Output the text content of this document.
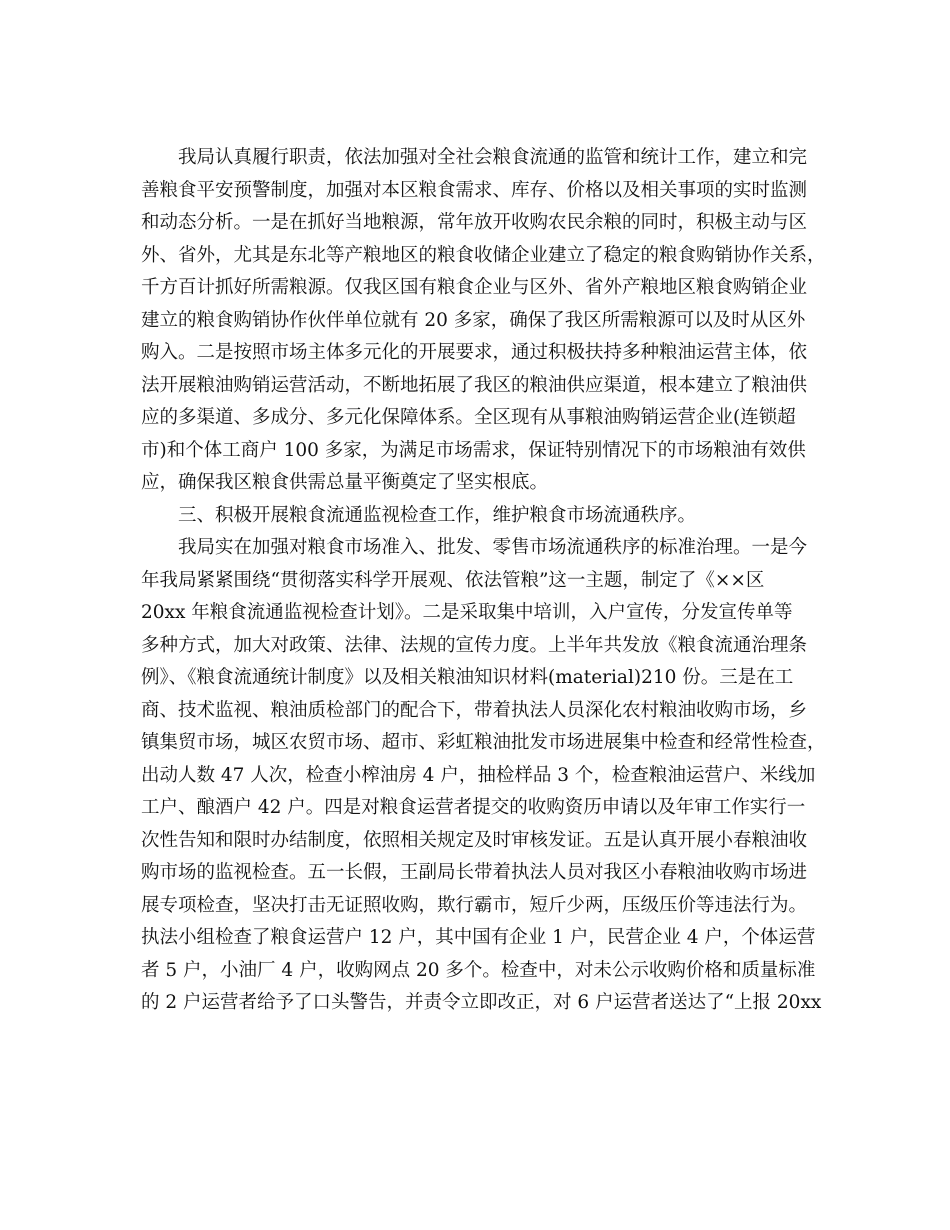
我局认真履行职责，依法加强对全社会粮食流通的监管和统计工作，建立和完
善粮食平安预警制度，加强对本区粮食需求、库存、价格以及相关事项的实时监测
和动态分析。一是在抓好当地粮源，常年放开收购农民余粮的同时，积极主动与区
外、省外，尤其是东北等产粮地区的粮食收储企业建立了稳定的粮食购销协作关系，
千方百计抓好所需粮源。仅我区国有粮食企业与区外、省外产粮地区粮食购销企业
建立的粮食购销协作伙伴单位就有 20 多家，确保了我区所需粮源可以及时从区外
购入。二是按照市场主体多元化的开展要求，通过积极扶持多种粮油运营主体，依
法开展粮油购销运营活动，不断地拓展了我区的粮油供应渠道，根本建立了粮油供
应的多渠道、多成分、多元化保障体系。全区现有从事粮油购销运营企业(连锁超
市)和个体工商户 100 多家，为满足市场需求，保证特别情况下的市场粮油有效供
应，确保我区粮食供需总量平衡奠定了坚实根底。
三、积极开展粮食流通监视检查工作，维护粮食市场流通秩序。
我局实在加强对粮食市场准入、批发、零售市场流通秩序的标准治理。一是今
年我局紧紧围绕“贯彻落实科学开展观、依法管粮”这一主题，制定了《××区
20xx 年粮食流通监视检查计划》。二是采取集中培训，入户宣传，分发宣传单等
多种方式，加大对政策、法律、法规的宣传力度。上半年共发放《粮食流通治理条
例》、《粮食流通统计制度》以及相关粮油知识材料(material)210 份。三是在工
商、技术监视、粮油质检部门的配合下，带着执法人员深化农村粮油收购市场，乡
镇集贸市场，城区农贸市场、超市、彩虹粮油批发市场进展集中检查和经常性检查，
出动人数 47 人次，检查小榨油房 4 户，抽检样品 3 个，检查粮油运营户、米线加
工户、酿酒户 42 户。四是对粮食运营者提交的收购资历申请以及年审工作实行一
次性告知和限时办结制度，依照相关规定及时审核发证。五是认真开展小春粮油收
购市场的监视检查。五一长假，王副局长带着执法人员对我区小春粮油收购市场进
展专项检查，坚决打击无证照收购，欺行霸市，短斤少两，压级压价等违法行为。
执法小组检查了粮食运营户 12 户，其中国有企业 1 户，民营企业 4 户，个体运营
者 5 户，小油厂 4 户，收购网点 20 多个。检查中，对未公示收购价格和质量标准
的 2 户运营者给予了口头警告，并责令立即改正，对 6 户运营者送达了“上报 20xx
